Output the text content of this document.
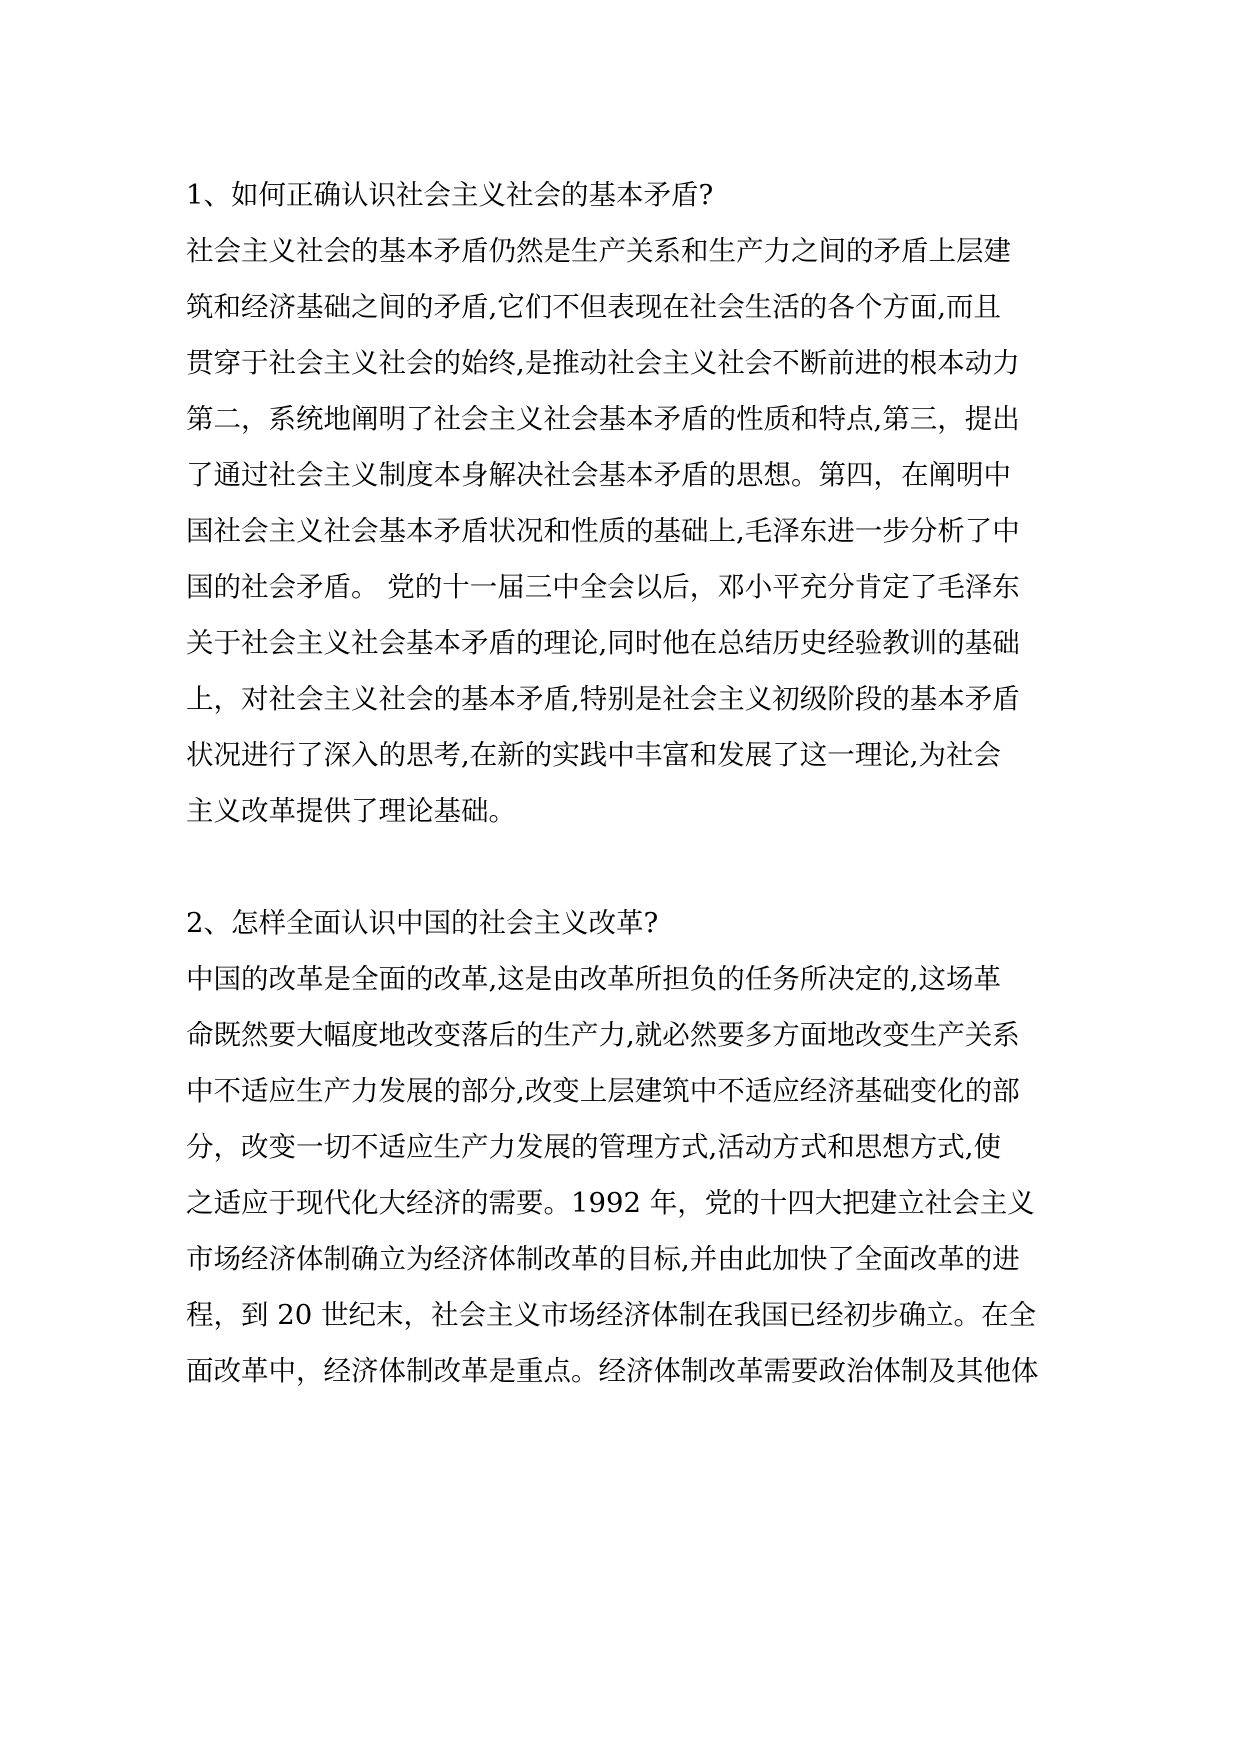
1、如何正确认识社会主义社会的基本矛盾?
社会主义社会的基本矛盾仍然是生产关系和生产力之间的矛盾上层建
筑和经济基础之间的矛盾,它们不但表现在社会生活的各个方面,而且
贯穿于社会主义社会的始终,是推动社会主义社会不断前进的根本动力
第二，系统地阐明了社会主义社会基本矛盾的性质和特点,第三，提出
了通过社会主义制度本身解决社会基本矛盾的思想。第四，在阐明中
国社会主义社会基本矛盾状况和性质的基础上,毛泽东进一步分析了中
国的社会矛盾。 党的十一届三中全会以后，邓小平充分肯定了毛泽东
关于社会主义社会基本矛盾的理论,同时他在总结历史经验教训的基础
上，对社会主义社会的基本矛盾,特别是社会主义初级阶段的基本矛盾
状况进行了深入的思考,在新的实践中丰富和发展了这一理论,为社会
主义改革提供了理论基础。
2、怎样全面认识中国的社会主义改革?
中国的改革是全面的改革,这是由改革所担负的任务所决定的,这场革
命既然要大幅度地改变落后的生产力,就必然要多方面地改变生产关系
中不适应生产力发展的部分,改变上层建筑中不适应经济基础变化的部
分，改变一切不适应生产力发展的管理方式,活动方式和思想方式,使
之适应于现代化大经济的需要。1992 年，党的十四大把建立社会主义
市场经济体制确立为经济体制改革的目标,并由此加快了全面改革的进
程，到 20 世纪末，社会主义市场经济体制在我国已经初步确立。在全
面改革中，经济体制改革是重点。经济体制改革需要政治体制及其他体
